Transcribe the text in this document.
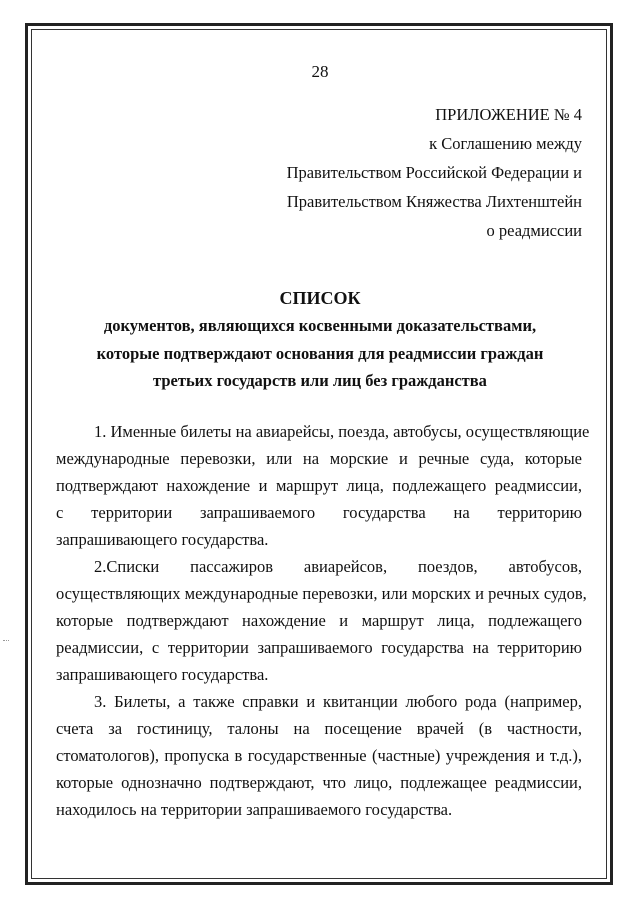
28
ПРИЛОЖЕНИЕ № 4
к Соглашению между
Правительством Российской Федерации и
Правительством Княжества Лихтенштейн
о реадмиссии
СПИСОК
документов, являющихся косвенными доказательствами,
которые подтверждают основания для реадмиссии граждан
третьих государств или лиц без гражданства
1. Именные билеты на авиарейсы, поезда, автобусы, осуществляющие
международные перевозки, или на морские и речные суда, которые
подтверждают нахождение и маршрут лица, подлежащего реадмиссии,
с территории запрашиваемого государства на территорию
запрашивающего государства.
2.Списки пассажиров авиарейсов, поездов, автобусов,
осуществляющих международные перевозки, или морских и речных судов,
которые подтверждают нахождение и маршрут лица, подлежащего
реадмиссии, с территории запрашиваемого государства на территорию
запрашивающего государства.
3. Билеты, а также справки и квитанции любого рода (например,
счета за гостиницу, талоны на посещение врачей (в частности,
стоматологов), пропуска в государственные (частные) учреждения и т.д.),
которые однозначно подтверждают, что лицо, подлежащее реадмиссии,
находилось на территории запрашиваемого государства.
